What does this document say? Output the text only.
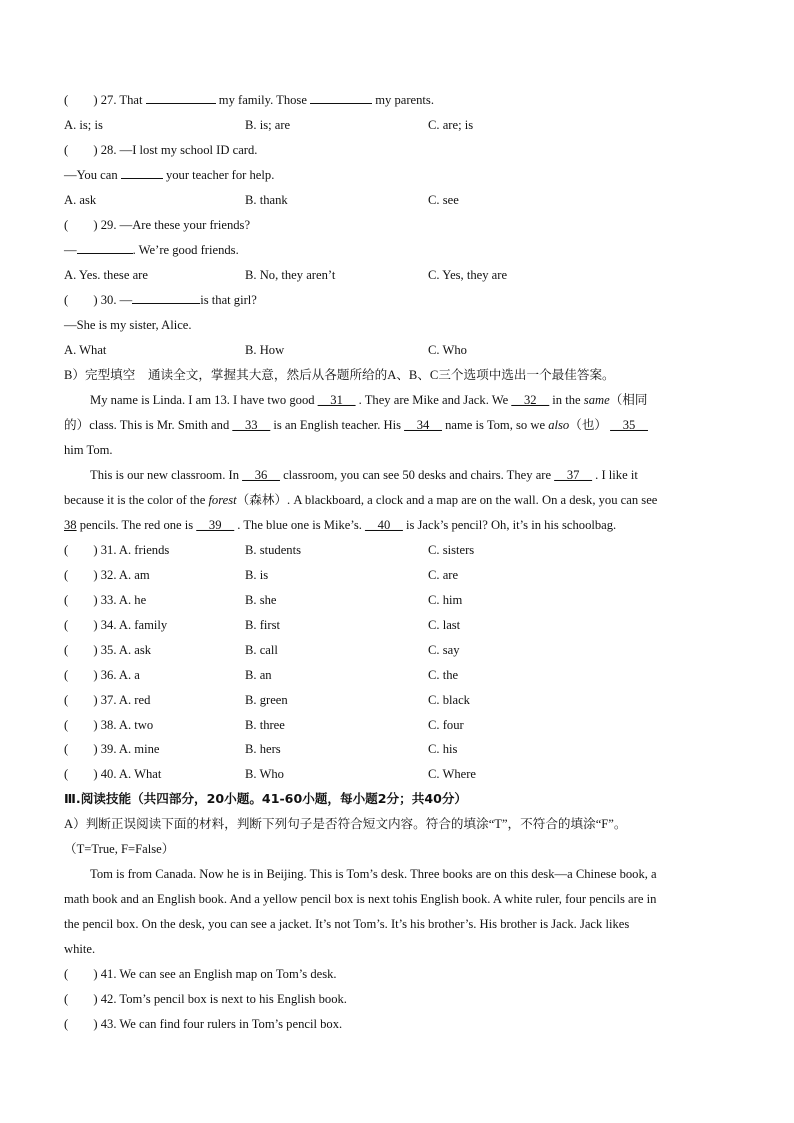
(　　) 27. That	my family. Those	my parents.
A. is; is	B. is; are	C. are; is
(　　) 28. —I lost my school ID card.
—You can	your teacher for help.
A. ask	B. thank	C. see
(　　) 29. —Are these your friends?
—	. We’re good friends.
A. Yes. these are	B. No, they aren’t	C. Yes, they are
(　　) 30. —	is that girl?
—She is my sister, Alice.
A. What	B. How	C. Who
B）完型填空　通读全文，掌握其大意，然后从各题所给的A、B、C三个选项中选出一个最佳答案。
My name is Linda. I am 13. I have two good __31__ . They are Mike and Jack. We __32__ in the same（相同
的）class. This is Mr. Smith and __33__ is an English teacher. His __34__ name is Tom, so we also（也） __35__
him Tom.
This is our new classroom. In __36__ classroom, you can see 50 desks and chairs. They are __37__ . I like it
because it is the color of the forest（森林）. A blackboard, a clock and a map are on the wall. On a desk, you can see
38 pencils. The red one is __39__ . The blue one is Mike’s. __40__ is Jack’s pencil? Oh, it’s in his schoolbag.
(　　) 31. A. friends	B. students	C. sisters
(　　) 32. A. am	B. is	C. are
(　　) 33. A. he	B. she	C. him
(　　) 34. A. family	B. first	C. last
(　　) 35. A. ask	B. call	C. say
(　　) 36. A. a	B. an	C. the
(　　) 37. A. red	B. green	C. black
(　　) 38. A. two	B. three	C. four
(　　) 39. A. mine	B. hers	C. his
(　　) 40. A. What	B. Who	C. Where
Ⅲ.阅读技能（共四部分，20小题。41-60小题，每小题2分；共40分）
A）判断正误阅读下面的材料，判断下列句子是否符合短文内容。符合的填涂“T”，不符合的填涂“F”。
（T=True, F=False）
Tom is from Canada. Now he is in Beijing. This is Tom’s desk. Three books are on this desk—a Chinese book, a
math book and an English book. And a yellow pencil box is next tohis English book. A white ruler, four pencils are in
the pencil box. On the desk, you can see a jacket. It’s not Tom’s. It’s his brother’s. His brother is Jack. Jack likes
white.
(　　) 41. We can see an English map on Tom’s desk.
(　　) 42. Tom’s pencil box is next to his English book.
(　　) 43. We can find four rulers in Tom’s pencil box.
